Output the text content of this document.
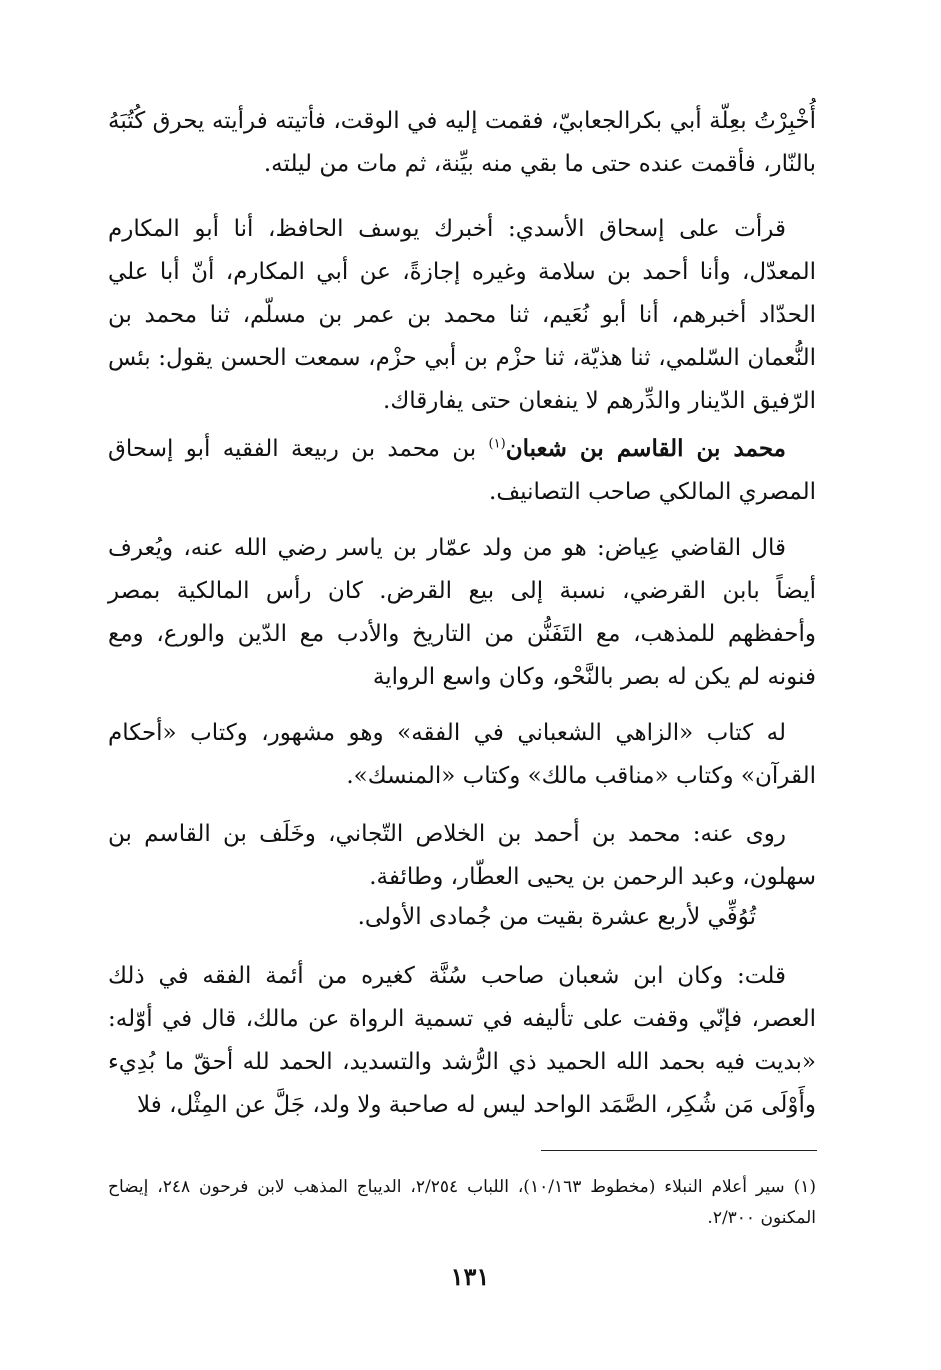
أُخْبِرْتُ بعِلّة أبي بكرالجعابيّ، فقمت إليه في الوقت، فأتيته فرأيته يحرق كُتُبَهُ بالنّار، فأقمت عنده حتى ما بقي منه بيِّنة، ثم مات من ليلته.

قرأت على إسحاق الأسدي: أخبرك يوسف الحافظ، أنا أبو المكارم المعدّل، وأنا أحمد بن سلامة وغيره إجازةً، عن أبي المكارم، أنّ أبا علي الحدّاد أخبرهم، أنا أبو نُعَيم، ثنا محمد بن عمر بن مسلّم، ثنا محمد بن النُّعمان السّلمي، ثنا هذيّة، ثنا حزْم بن أبي حزْم، سمعت الحسن يقول: بئس الرّفيق الدّينار والدِّرهم لا ينفعان حتى يفارقاك.

محمد بن القاسم بن شعبان$^{(١)}$ بن محمد بن ربيعة الفقيه أبو إسحاق المصري المالكي صاحب التصانيف.

قال القاضي عِياض: هو من ولد عمّار بن ياسر رضي الله عنه، ويُعرف أيضاً بابن القرضي، نسبة إلى بيع القرض. كان رأس المالكية بمصر وأحفظهم للمذهب، مع التَفَنُّن من التاريخ والأدب مع الدّين والورع، ومع فنونه لم يكن له بصر بالنَّحْو، وكان واسع الرواية

له كتاب «الزاهي الشعباني في الفقه» وهو مشهور، وكتاب «أحكام القرآن» وكتاب «مناقب مالك» وكتاب «المنسك».

روى عنه: محمد بن أحمد بن الخلاص التّجاني، وخَلَف بن القاسم بن سهلون، وعبد الرحمن بن يحيى العطّار، وطائفة.

تُوُفِّي لأربع عشرة بقيت من جُمادى الأولى.

قلت: وكان ابن شعبان صاحب سُنَّة كغيره من أئمة الفقه في ذلك العصر، فإنّي وقفت على تأليفه في تسمية الرواة عن مالك، قال في أوّله: «بديت فيه بحمد الله الحميد ذي الرُّشد والتسديد، الحمد لله أحقّ ما بُدِيء وأَوْلَى مَن شُكِر، الصَّمَد الواحد ليس له صاحبة ولا ولد، جَلَّ عن المِثْل، فلا

(١) سير أعلام النبلاء (مخطوط ١٠/١٦٣)، اللباب ٢/٢٥٤، الديباج المذهب لابن فرحون ٢٤٨، إيضاح المكنون ٢/٣٠٠.

١٣١
